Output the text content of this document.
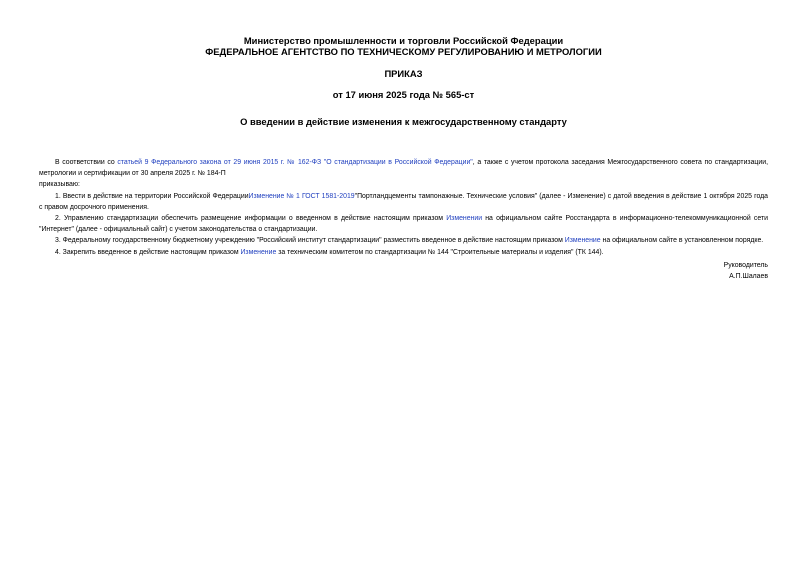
Министерство промышленности и торговли Российской Федерации
ФЕДЕРАЛЬНОЕ АГЕНТСТВО ПО ТЕХНИЧЕСКОМУ РЕГУЛИРОВАНИЮ И МЕТРОЛОГИИ
ПРИКАЗ
от 17 июня 2025 года № 565-ст
О введении в действие изменения к межгосударственному стандарту

В соответствии со статьей 9 Федерального закона от 29 июня 2015 г. № 162-ФЗ "О стандартизации в Российской Федерации", а также с учетом протокола заседания Межгосударственного совета по стандартизации, метрологии и сертификации от 30 апреля 2025 г. № 184-П

приказываю:

1. Ввести в действие на территории Российской ФедерацииИзменение № 1 ГОСТ 1581-2019"Портландцементы тампонажные. Технические условия" (далее - Изменение) с датой введения в действие 1 октября 2025 года с правом досрочного применения.

2. Управлению стандартизации обеспечить размещение информации о введенном в действие настоящим приказом Изменении на официальном сайте Росстандарта в информационно-телекоммуникационной сети "Интернет" (далее - официальный сайт) с учетом законодательства о стандартизации.

3. Федеральному государственному бюджетному учреждению "Российский институт стандартизации" разместить введенное в действие настоящим приказом Изменение на официальном сайте в установленном порядке.

4. Закрепить введенное в действие настоящим приказом Изменение за техническим комитетом по стандартизации № 144 "Строительные материалы и изделия" (ТК 144).

Руководитель
А.П.Шалаев
